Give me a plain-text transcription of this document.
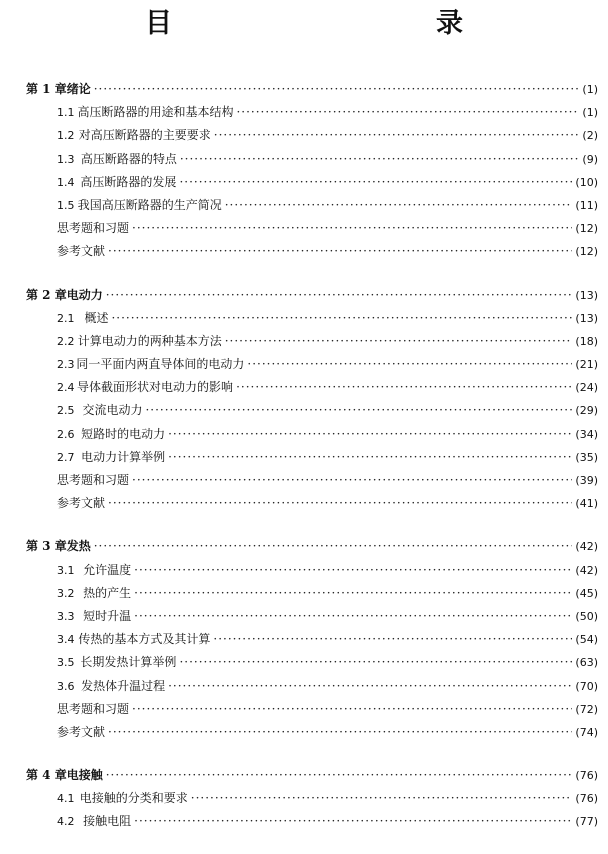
目　　录
第 1 章 绪论 ·····	(1)
1.1 高压断路器的用途和基本结构 ·····	(1)
1.2 对高压断路器的主要要求 ·····	(2)
1.3 高压断路器的特点 ·····	(9)
1.4 高压断路器的发展 ·····	(10)
1.5 我国高压断路器的生产简况 ·····	(11)
思考题和习题 ·····	(12)
参考文献 ·····	(12)
第 2 章 电动力 ·····	(13)
2.1 概述 ·····	(13)
2.2 计算电动力的两种基本方法 ·····	(18)
2.3 同一平面内两直导体间的电动力 ·····	(21)
2.4 导体截面形状对电动力的影响 ·····	(24)
2.5 交流电动力 ·····	(29)
2.6 短路时的电动力 ·····	(34)
2.7 电动力计算举例 ·····	(35)
思考题和习题 ·····	(39)
参考文献 ·····	(41)
第 3 章 发热 ·····	(42)
3.1 允许温度 ·····	(42)
3.2 热的产生 ·····	(45)
3.3 短时升温 ·····	(50)
3.4 传热的基本方式及其计算 ·····	(54)
3.5 长期发热计算举例 ·····	(63)
3.6 发热体升温过程 ·····	(70)
思考题和习题 ·····	(72)
参考文献 ·····	(74)
第 4 章 电接触 ·····	(76)
4.1 电接触的分类和要求 ·····	(76)
4.2 接触电阻 ·····	(77)
